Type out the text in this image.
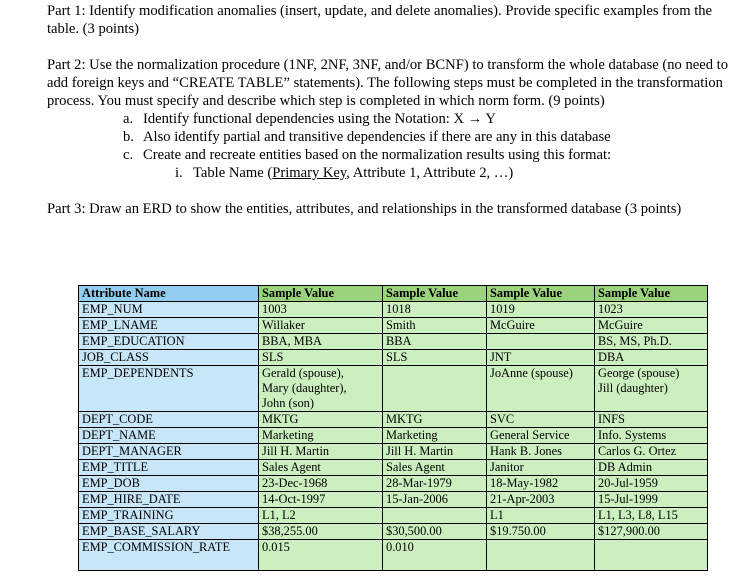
Part 1: Identify modification anomalies (insert, update, and delete anomalies). Provide specific examples from the table. (3 points)

Part 2: Use the normalization procedure (1NF, 2NF, 3NF, and/or BCNF) to transform the whole database (no need to add foreign keys and “CREATE TABLE” statements). The following steps must be completed in the transformation process. You must specify and describe which step is completed in which norm form. (9 points)

a. Identify functional dependencies using the Notation: X → Y
b. Also identify partial and transitive dependencies if there are any in this database
c. Create and recreate entities based on the normalization results using this format:
i. Table Name (Primary Key, Attribute 1, Attribute 2, …)

Part 3: Draw an ERD to show the entities, attributes, and relationships in the transformed database (3 points)

Attribute Name	Sample Value	Sample Value	Sample Value	Sample Value
EMP_NUM	1003	1018	1019	1023
EMP_LNAME	Willaker	Smith	McGuire	McGuire
EMP_EDUCATION	BBA, MBA	BBA		BS, MS, Ph.D.
JOB_CLASS	SLS	SLS	JNT	DBA
EMP_DEPENDENTS	Gerald (spouse),
Mary (daughter),
John (son)		JoAnne (spouse)	George (spouse)
Jill (daughter)
DEPT_CODE	MKTG	MKTG	SVC	INFS
DEPT_NAME	Marketing	Marketing	General Service	Info. Systems
DEPT_MANAGER	Jill H. Martin	Jill H. Martin	Hank B. Jones	Carlos G. Ortez
EMP_TITLE	Sales Agent	Sales Agent	Janitor	DB Admin
EMP_DOB	23-Dec-1968	28-Mar-1979	18-May-1982	20-Jul-1959
EMP_HIRE_DATE	14-Oct-1997	15-Jan-2006	21-Apr-2003	15-Jul-1999
EMP_TRAINING	L1, L2		L1	L1, L3, L8, L15
EMP_BASE_SALARY	$38,255.00	$30,500.00	$19.750.00	$127,900.00
EMP_COMMISSION_RATE	0.015	0.010		
